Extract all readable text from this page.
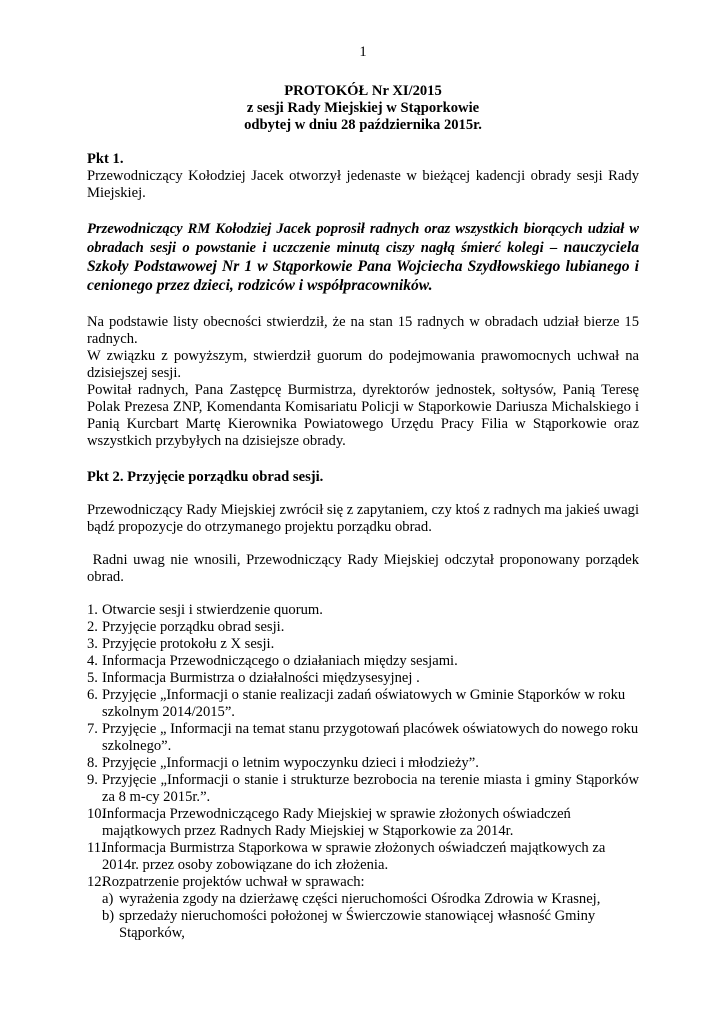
1

PROTOKÓŁ Nr XI/2015

z sesji Rady Miejskiej w Stąporkowie

odbytej w dniu 28 października 2015r.

Pkt 1.

Przewodniczący Kołodziej Jacek otworzył jedenaste w bieżącej kadencji obrady sesji Rady Miejskiej.

Przewodniczący RM Kołodziej Jacek poprosił radnych oraz wszystkich biorących udział w obradach sesji o powstanie i uczczenie minutą ciszy nagłą śmierć kolegi – nauczyciela Szkoły Podstawowej Nr 1 w Stąporkowie Pana Wojciecha Szydłowskiego lubianego i cenionego przez dzieci, rodziców i współpracowników.

Na podstawie listy obecności stwierdził, że na stan 15 radnych w obradach udział bierze 15 radnych.

W związku z powyższym, stwierdził guorum do podejmowania prawomocnych uchwał na dzisiejszej sesji.

Powitał radnych, Pana Zastępcę Burmistrza, dyrektorów jednostek, sołtysów, Panią Teresę Polak Prezesa ZNP, Komendanta Komisariatu Policji w Stąporkowie Dariusza Michalskiego i Panią Kurcbart Martę Kierownika Powiatowego Urzędu Pracy Filia w Stąporkowie oraz wszystkich przybyłych na dzisiejsze obrady.

Pkt 2. Przyjęcie porządku obrad sesji.

Przewodniczący Rady Miejskiej zwrócił się z zapytaniem, czy ktoś z radnych ma jakieś uwagi bądź propozycje do otrzymanego projektu porządku obrad.

Radni uwag nie wnosili, Przewodniczący Rady Miejskiej odczytał proponowany porządek obrad.

1. Otwarcie sesji i stwierdzenie quorum.
2. Przyjęcie porządku obrad sesji.
3. Przyjęcie protokołu z X sesji.
4. Informacja Przewodniczącego o działaniach między sesjami.
5. Informacja Burmistrza o działalności międzysesyjnej .
6. Przyjęcie „Informacji o stanie realizacji zadań oświatowych w Gminie Stąporków w roku szkolnym 2014/2015”.
7. Przyjęcie „ Informacji na temat stanu przygotowań placówek oświatowych do nowego roku szkolnego”.
8. Przyjęcie „Informacji o letnim wypoczynku dzieci i młodzieży”.
9. Przyjęcie „Informacji o stanie i strukturze bezrobocia na terenie miasta i gminy Stąporków za 8 m-cy 2015r.”.
10.
Informacja Przewodniczącego Rady Miejskiej w sprawie złożonych oświadczeń majątkowych przez Radnych Rady Miejskiej w Stąporkowie za 2014r.
11.
Informacja Burmistrza Stąporkowa w sprawie złożonych oświadczeń majątkowych za 2014r. przez osoby zobowiązane do ich złożenia.
12.
Rozpatrzenie projektów uchwał w sprawach:
a) wyrażenia zgody na dzierżawę części nieruchomości Ośrodka Zdrowia w Krasnej,
b) sprzedaży nieruchomości położonej w Świerczowie stanowiącej własność Gminy Stąporków,
